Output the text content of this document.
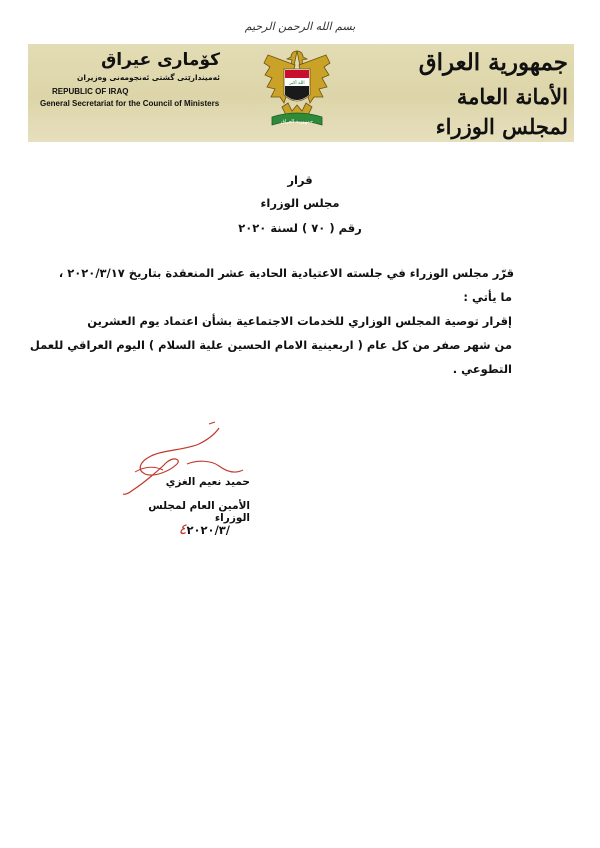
بسم الله الرحمن الرحيم

كۆماری عیراق

ئه‌میندارێتی گشتی ئه‌نجومه‌نی وه‌زیران

REPUBLIC OF IRAQ

General Secretariat for the Council of Ministers

الله أكبر
جمهورية العراق

جمهورية العراق

الأمانة العامة لمجلس الوزراء

قرار
مجلس الوزراء
رقم ( ٧٠ ) لسنة ٢٠٢٠
قرّر مجلس الوزراء في جلسته الاعتيادية الحادية عشر المنعقدة بتاريخ ٢٠٢٠/٣/١٧ ،
ما يأتي :
إقرار توصية المجلس الوزاري للخدمات الاجتماعية بشأن اعتماد يوم العشرين
من شهر صفر من كل عام ( اربعينية الامام الحسين علية السلام ) اليوم العراقي للعمل
التطوعي .
حميد نعيم الغزي
الأمين العام لمجلس الوزراء
٤٢٠٢٠/٣/
